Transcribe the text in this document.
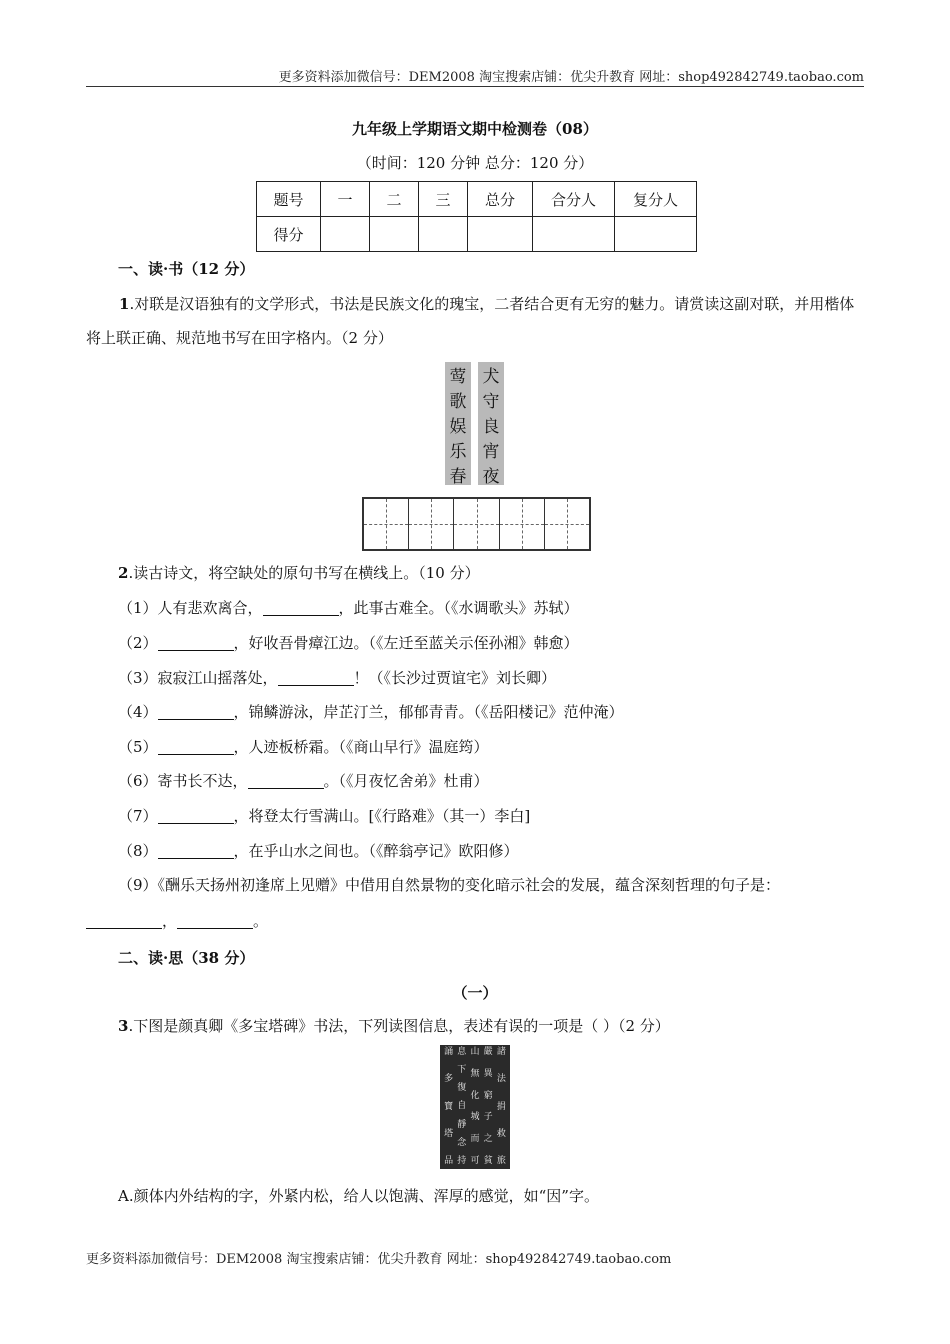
更多资料添加微信号：DEM2008 淘宝搜索店铺：优尖升教育 网址：shop492842749.taobao.com
九年级上学期语文期中检测卷（08）
（时间：120 分钟 总分：120 分）
题号	一	二	三	总分	合分人	复分人
得分						
一、读·书（12 分）
1.对联是汉语独有的文学形式，书法是民族文化的瑰宝，二者结合更有无穷的魅力。请赏读这副对联，并用楷体将上联正确、规范地书写在田字格内。（2 分）
莺
歌
娱
乐
春
犬
守
良
宵
夜
2.读古诗文，将空缺处的原句书写在横线上。（10 分）
（1）人有悲欢离合，	，此事古难全。（《水调歌头》苏轼）
（2）	，好收吾骨瘴江边。（《左迁至蓝关示侄孙湘》韩愈）
（3）寂寂江山摇落处，	！（《长沙过贾谊宅》刘长卿）
（4）	，锦鳞游泳，岸芷汀兰，郁郁青青。（《岳阳楼记》范仲淹）
（5）	，人迹板桥霜。（《商山早行》温庭筠）
（6）寄书长不达，	。（《月夜忆舍弟》杜甫）
（7）	，将登太行雪满山。[《行路难》（其一）李白]
（8）	，在乎山水之间也。（《醉翁亭记》欧阳修）
（9）《酬乐天扬州初逢席上见赠》中借用自然景物的变化暗示社会的发展，蕴含深刻哲理的句子是：
，	。
二、读·思（38 分）
（一）
3.下图是颜真卿《多宝塔碑》书法，下列读图信息，表述有误的一项是（ ）（2 分）
諸
法
捐
救
旅
嚴
異
窮
子
之
貧
山
無
化
城
而
可
息
下
復
自
靜
念
持
誦
多
寶
塔
品
A.颜体内外结构的字，外紧内松，给人以饱满、浑厚的感觉，如“因”字。
更多资料添加微信号：DEM2008 淘宝搜索店铺：优尖升教育 网址：shop492842749.taobao.com
